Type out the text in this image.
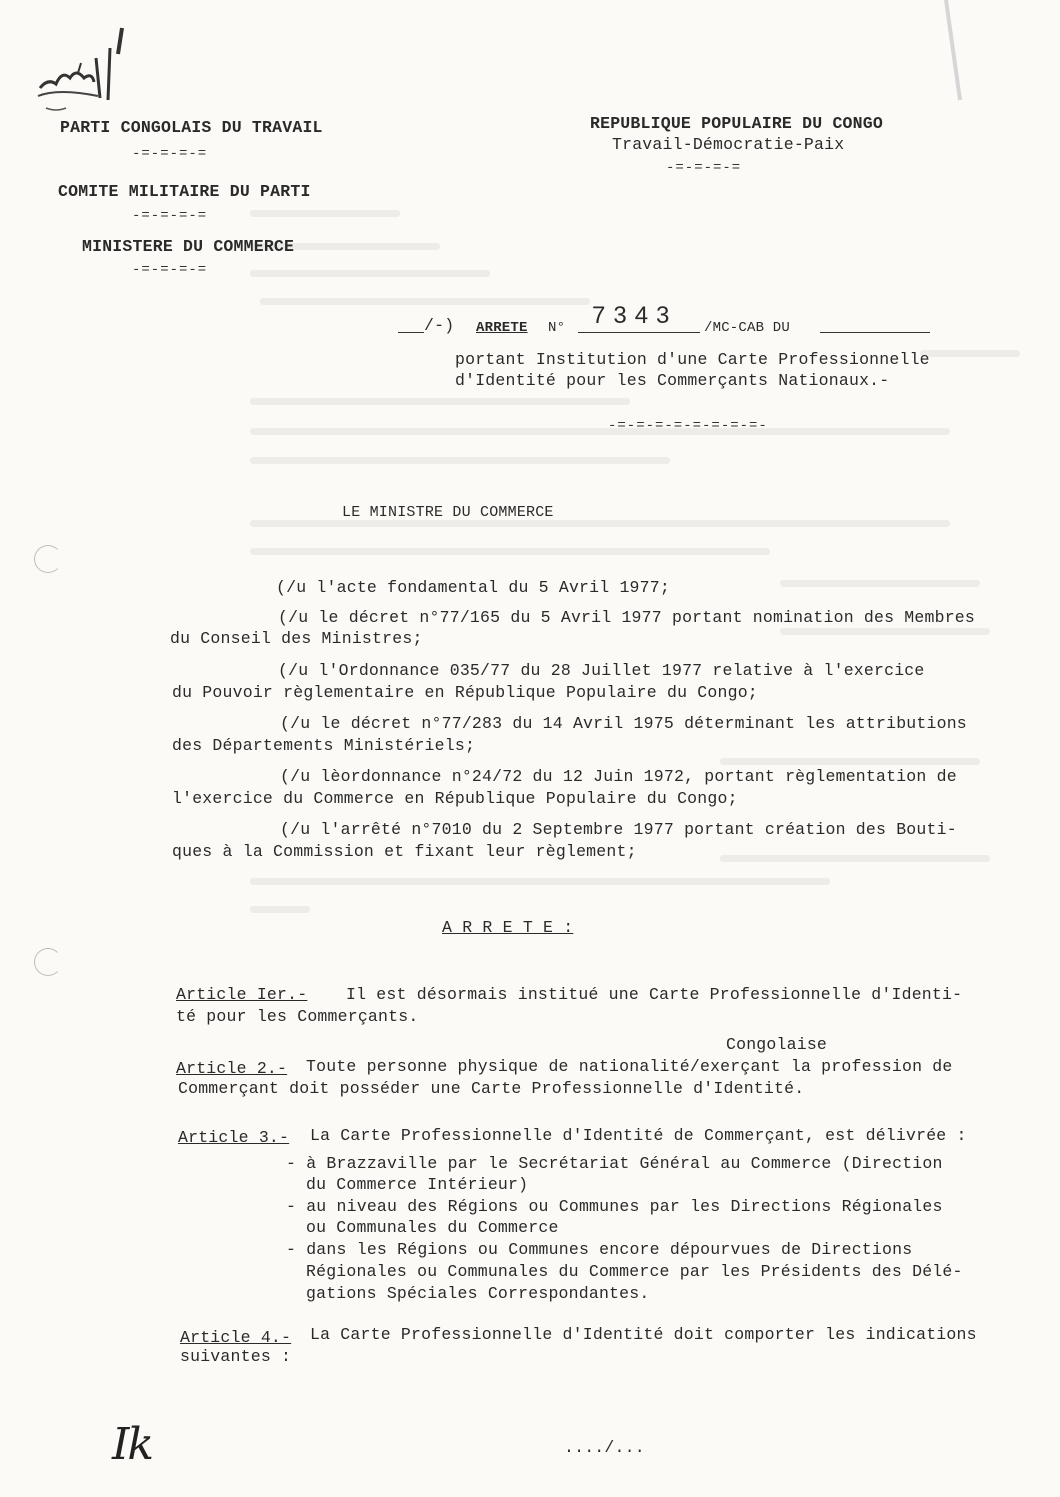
PARTI CONGOLAIS DU TRAVAIL
-=-=-=-=
COMITE MILITAIRE DU PARTI
-=-=-=-=
MINISTERE DU COMMERCE
-=-=-=-=
REPUBLIQUE POPULAIRE DU CONGO
Travail-Démocratie-Paix
-=-=-=-=
/-) ARRETE N° 7343 /MC-CAB DU
portant Institution d'une Carte Professionnelle
d'Identité pour les Commerçants Nationaux.-
-=-=-=-=-=-=-=-=-
LE MINISTRE DU COMMERCE
(/u l'acte fondamental du 5 Avril 1977;
(/u le décret n°77/165 du 5 Avril 1977 portant nomination des Membres
du Conseil des Ministres;
(/u l'Ordonnance 035/77 du 28 Juillet 1977 relative à l'exercice
du Pouvoir règlementaire en République Populaire du Congo;
(/u le décret n°77/283 du 14 Avril 1975 déterminant les attributions
des Départements Ministériels;
(/u lèordonnance n°24/72 du 12 Juin 1972, portant règlementation de
l'exercice du Commerce en République Populaire du Congo;
(/u l'arrêté n°7010 du 2 Septembre 1977 portant création des Bouti-
ques à la Commission et fixant leur règlement;
A R R E T E :
Article Ier.- Il est désormais institué une Carte Professionnelle d'Identi-
té pour les Commerçants.
Congolaise
Article 2.- Toute personne physique de nationalité/exerçant la profession de
Commerçant doit posséder une Carte Professionnelle d'Identité.
Article 3.- La Carte Professionnelle d'Identité de Commerçant, est délivrée :
- à Brazzaville par le Secrétariat Général au Commerce (Direction
du Commerce Intérieur)
- au niveau des Régions ou Communes par les Directions Régionales
ou Communales du Commerce
- dans les Régions ou Communes encore dépourvues de Directions
Régionales ou Communales du Commerce par les Présidents des Délé-
gations Spéciales Correspondantes.
Article 4.- La Carte Professionnelle d'Identité doit comporter les indications
suivantes :
Ik	..../...
